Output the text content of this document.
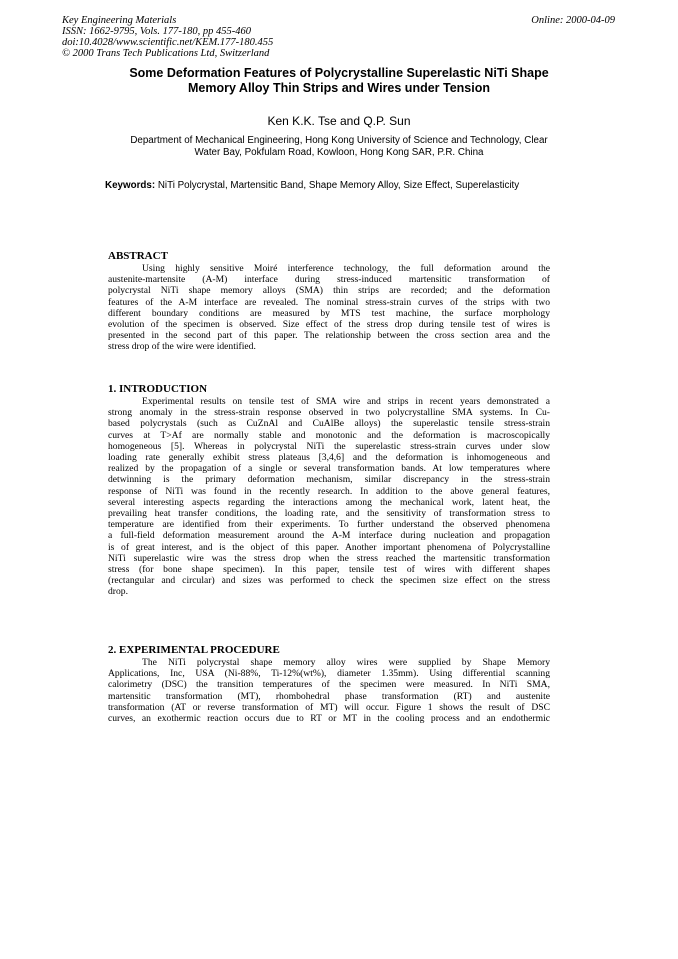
Key Engineering Materials
ISSN: 1662-9795, Vols. 177-180, pp 455-460
doi:10.4028/www.scientific.net/KEM.177-180.455
© 2000 Trans Tech Publications Ltd, Switzerland
Online: 2000-04-09
Some Deformation Features of Polycrystalline Superelastic NiTi Shape
Memory Alloy Thin Strips and Wires under Tension
Ken K.K. Tse and Q.P. Sun
Department of Mechanical Engineering, Hong Kong University of Science and Technology, Clear
Water Bay, Pokfulam Road, Kowloon, Hong Kong SAR, P.R. China
Keywords: NiTi Polycrystal, Martensitic Band, Shape Memory Alloy, Size Effect, Superelasticity
ABSTRACT
Using highly sensitive Moiré interference technology, the full deformation around the
austenite-martensite (A-M) interface during stress-induced martensitic transformation of
polycrystal NiTi shape memory alloys (SMA) thin strips are recorded; and the deformation
features of the A-M interface are revealed. The nominal stress-strain curves of the strips with two
different boundary conditions are measured by MTS test machine, the surface morphology
evolution of the specimen is observed. Size effect of the stress drop during tensile test of wires is
presented in the second part of this paper. The relationship between the cross section area and the
stress drop of the wire were identified.
1. INTRODUCTION
Experimental results on tensile test of SMA wire and strips in recent years demonstrated a
strong anomaly in the stress-strain response observed in two polycrystalline SMA systems. In Cu-
based polycrystals (such as CuZnAl and CuAlBe alloys) the superelastic tensile stress-strain
curves at T>Af are normally stable and monotonic and the deformation is macroscopically
homogeneous [5]. Whereas in polycrystal NiTi the superelastic stress-strain curves under slow
loading rate generally exhibit stress plateaus [3,4,6] and the deformation is inhomogeneous and
realized by the propagation of a single or several transformation bands. At low temperatures where
detwinning is the primary deformation mechanism, similar discrepancy in the stress-strain
response of NiTi was found in the recently research. In addition to the above general features,
several interesting aspects regarding the interactions among the mechanical work, latent heat, the
prevailing heat transfer conditions, the loading rate, and the sensitivity of transformation stress to
temperature are identified from their experiments. To further understand the observed phenomena
a full-field deformation measurement around the A-M interface during nucleation and propagation
is of great interest, and is the object of this paper. Another important phenomena of Polycrystalline
NiTi superelastic wire was the stress drop when the stress reached the martensitic transformation
stress (for bone shape specimen). In this paper, tensile test of wires with different shapes
(rectangular and circular) and sizes was performed to check the specimen size effect on the stress
drop.
2. EXPERIMENTAL PROCEDURE
The NiTi polycrystal shape memory alloy wires were supplied by Shape Memory
Applications, Inc, USA (Ni-88%, Ti-12%(wt%), diameter 1.35mm). Using differential scanning
calorimetry (DSC) the transition temperatures of the specimen were measured. In NiTi SMA,
martensitic transformation (MT), rhombohedral phase transformation (RT) and austenite
transformation (AT or reverse transformation of MT) will occur. Figure 1 shows the result of DSC
curves, an exothermic reaction occurs due to RT or MT in the cooling process and an endothermic
